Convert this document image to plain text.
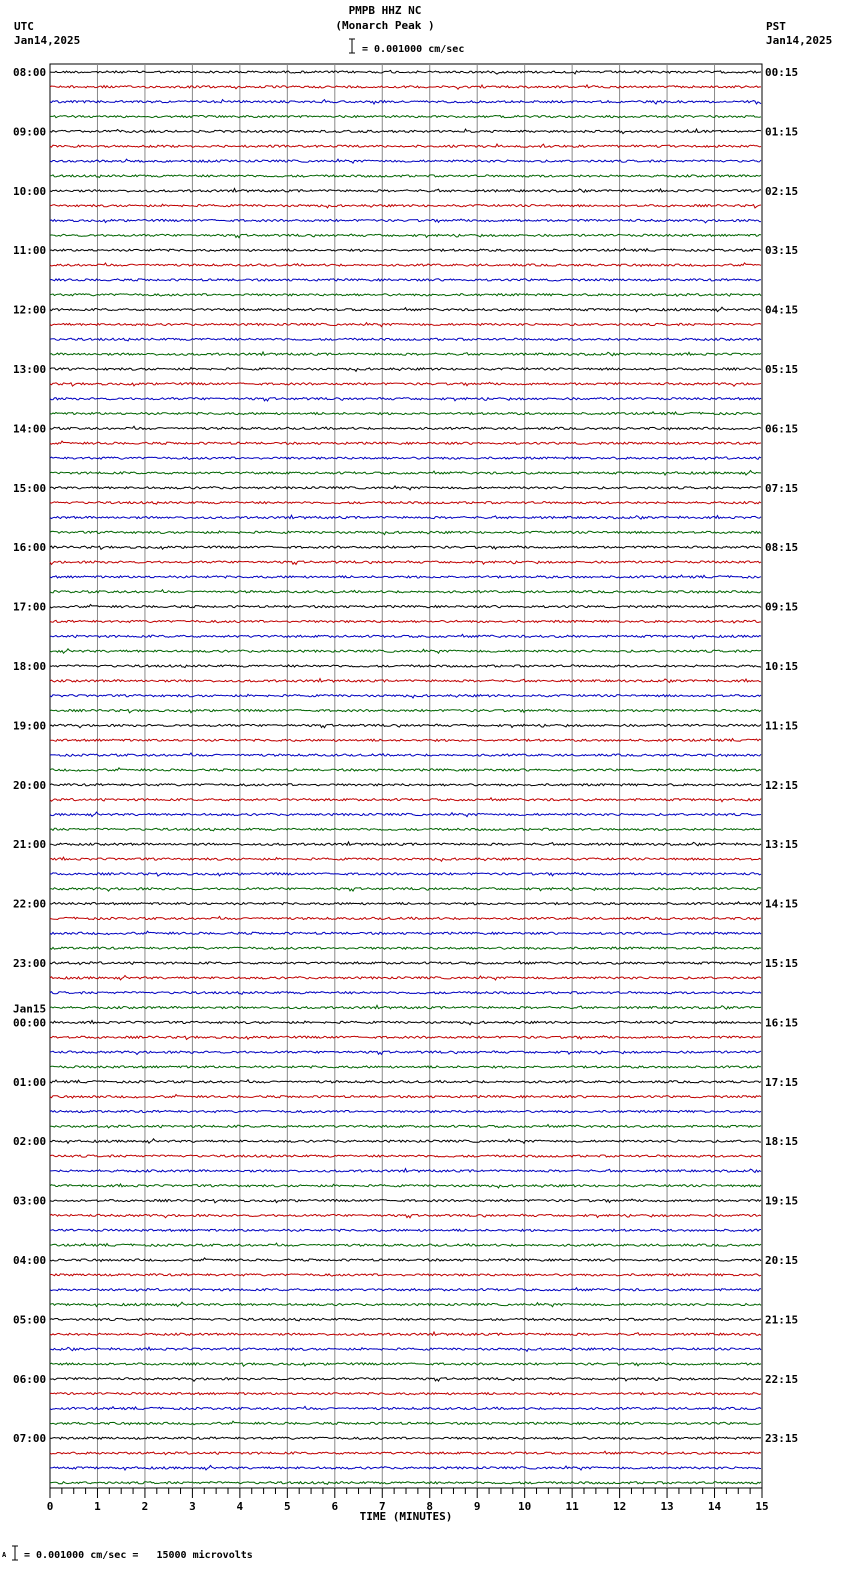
PMPB HHZ NC
(Monarch Peak )
UTC
Jan14,2025
PST
Jan14,2025
= 0.001000 cm/sec
A = 0.001000 cm/sec =   15000 microvolts
08:00
09:00
10:00
11:00
12:00
13:00
14:00
15:00
16:00
17:00
18:00
19:00
20:00
21:00
22:00
23:00
00:00
Jan15
01:00
02:00
03:00
04:00
05:00
06:00
07:00
00:15
01:15
02:15
03:15
04:15
05:15
06:15
07:15
08:15
09:15
10:15
11:15
12:15
13:15
14:15
15:15
16:15
17:15
18:15
19:15
20:15
21:15
22:15
23:15
0	1	2	3	4	5	6	7	8	9	10	11	12	13	14	15
TIME (MINUTES)
